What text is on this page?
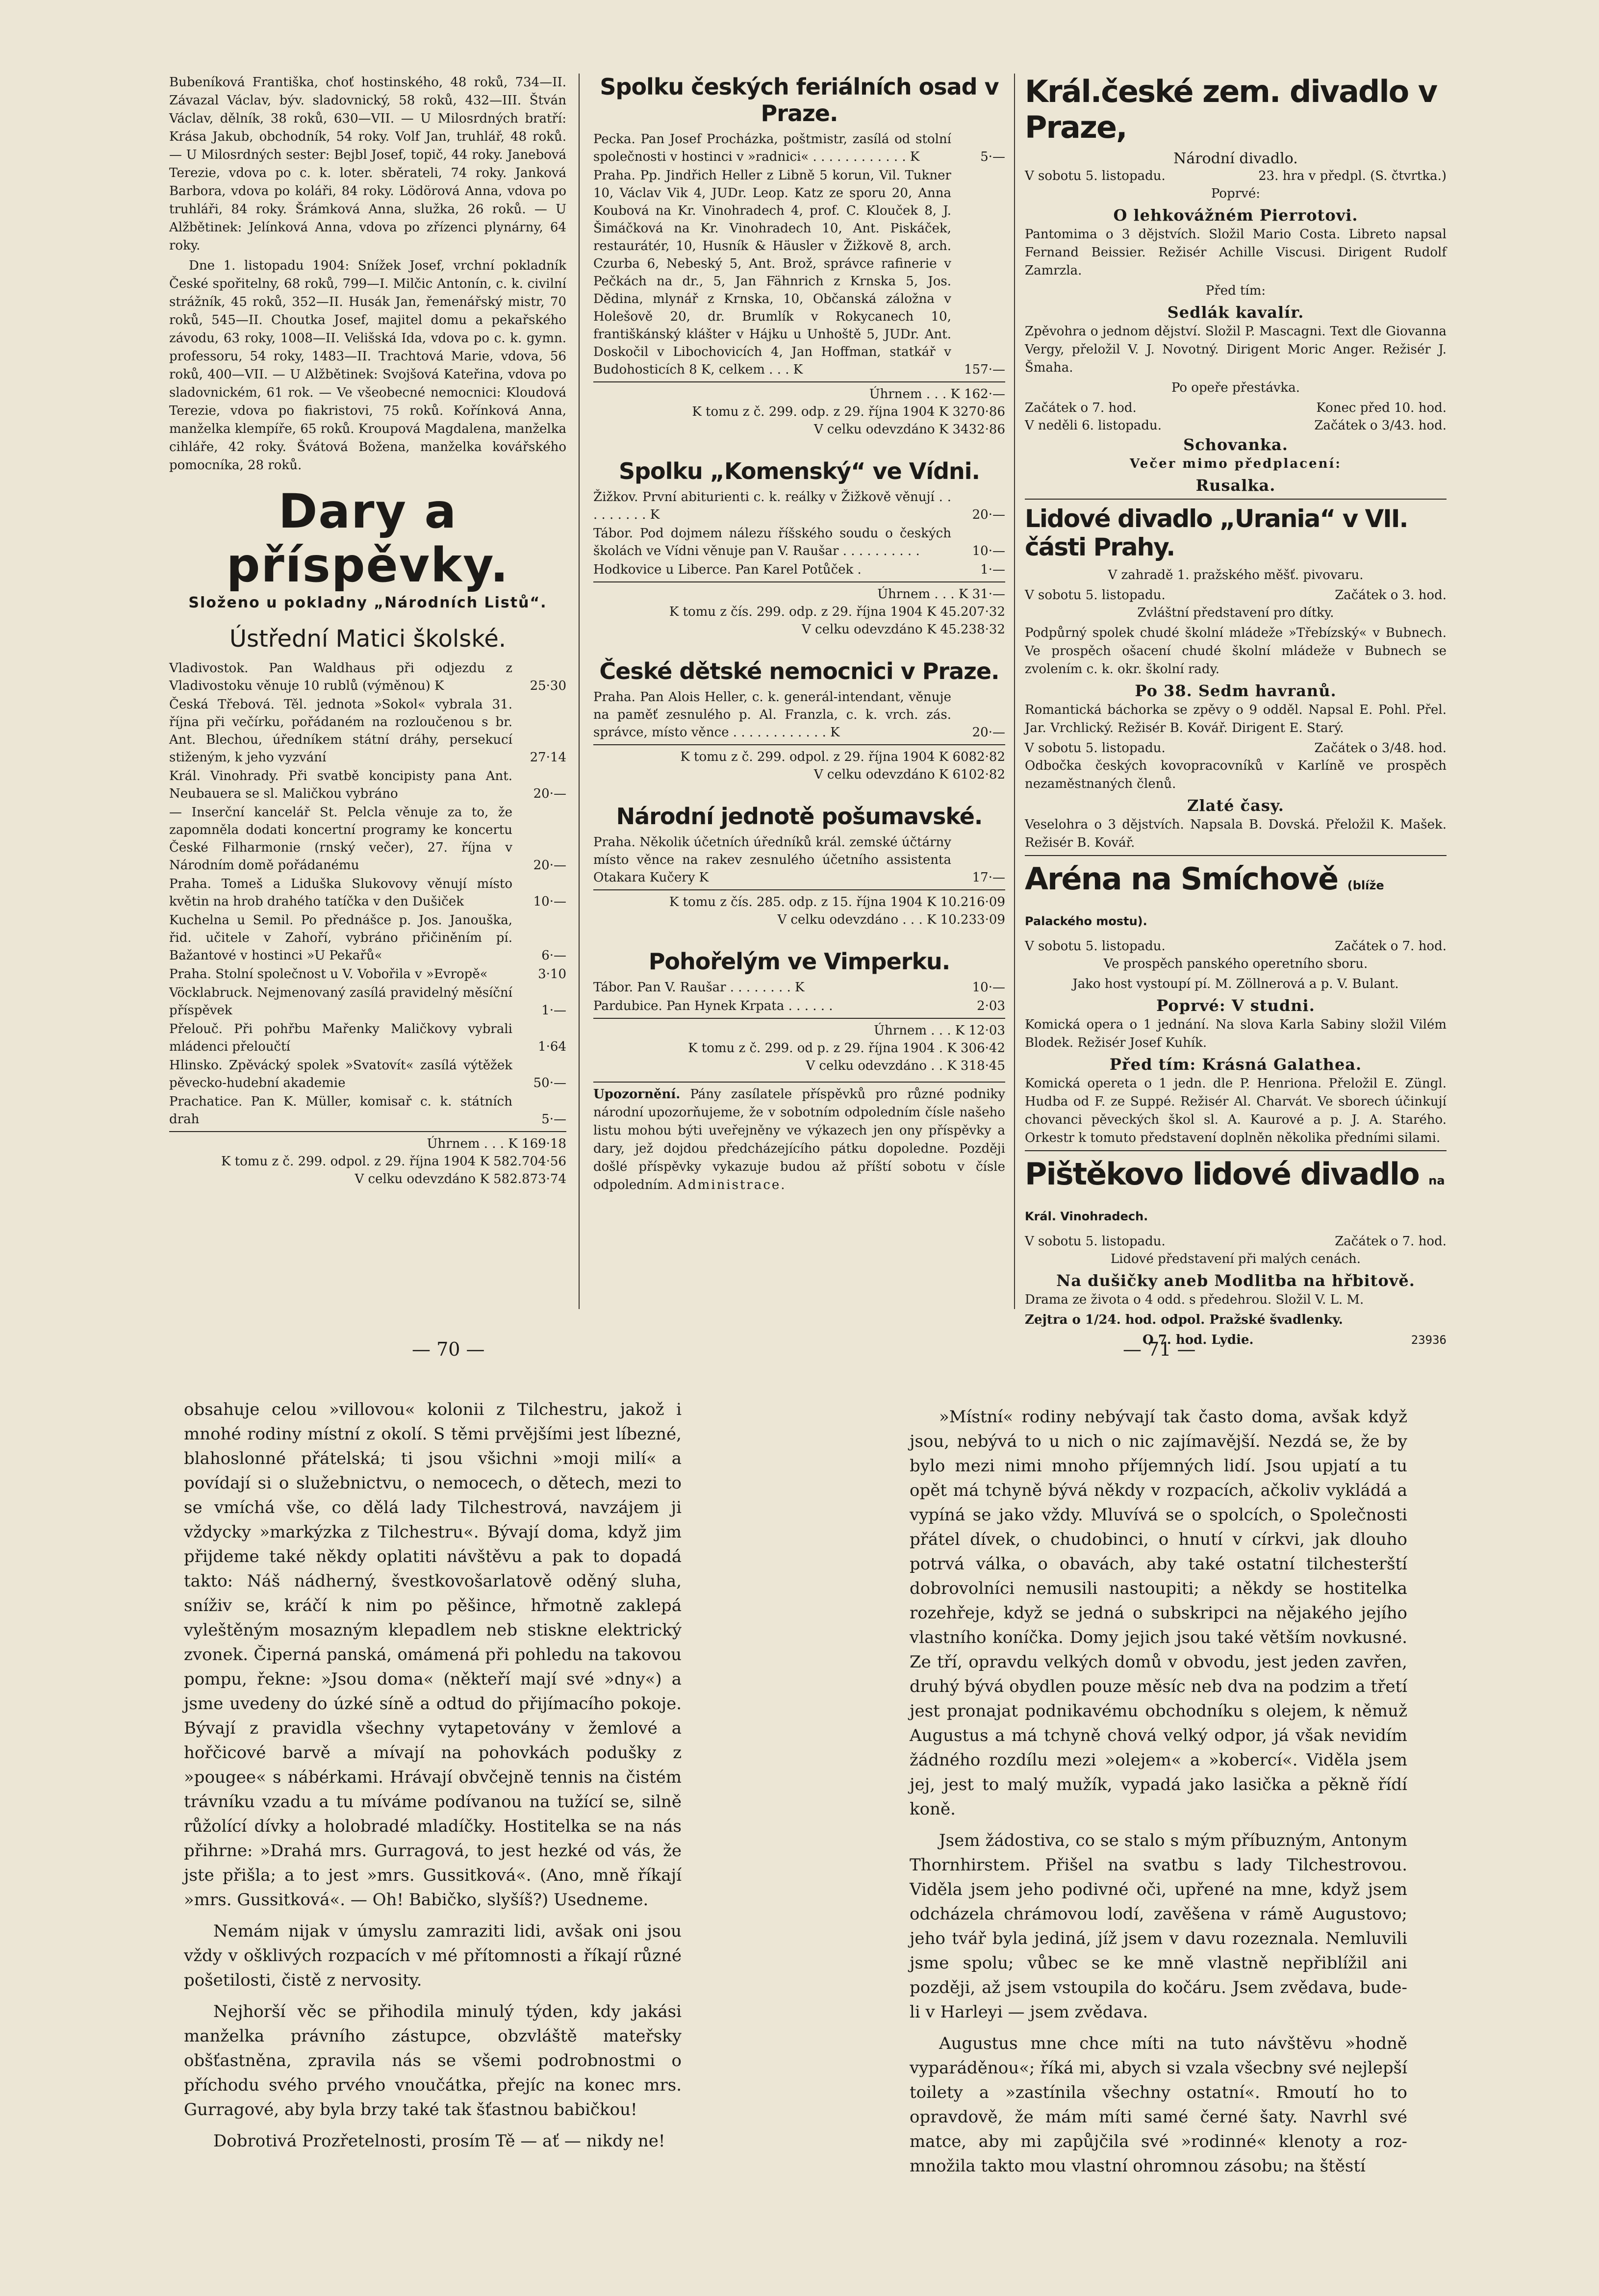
Bubeníková Františka, choť hostinského, 48 roků, 734—II. Závazal Václav, býv. sladovnický, 58 roků, 432—III. Štván Václav, dělník, 38 roků, 630—VII. — U Milosrdných bratří: Krása Jakub, obchodník, 54 roky. Volf Jan, truhlář, 48 roků. — U Milosrdných sester: Bejbl Josef, topič, 44 roky. Janebová Terezie, vdova po c. k. loter. sběrateli, 74 roky. Janková Barbora, vdova po koláři, 84 roky. Lödörová Anna, vdova po truhláři, 84 roky. Šrámková Anna, služka, 26 roků. — U Alžbětinek: Jelínková Anna, vdova po zřízenci plynárny, 64 roky.

Dne 1. listopadu 1904: Snížek Josef, vrchní pokladník České spořitelny, 68 roků, 799—I. Milčic Antonín, c. k. civilní strážník, 45 roků, 352—II. Husák Jan, řemenářský mistr, 70 roků, 545—II. Choutka Josef, majitel domu a pekařského závodu, 63 roky, 1008—II. Velišská Ida, vdova po c. k. gymn. professoru, 54 roky, 1483—II. Trachtová Marie, vdova, 56 roků, 400—VII. — U Alžbětinek: Svojšová Kateřina, vdova po sladovnickém, 61 rok. — Ve všeobecné nemocnici: Kloudová Terezie, vdova po fiakristovi, 75 roků. Kořínková Anna, manželka klempíře, 65 roků. Kroupová Magdalena, manželka cihláře, 42 roky. Švátová Božena, manželka kovářského pomocníka, 28 roků.

Dary a příspěvky.
Složeno u pokladny „Národních Listů“.
Ústřední Matici školské.
Vladivostok. Pan Waldhaus při odjezdu z Vladivostoku věnuje 10 rublů (výměnou) K	25·30
Česká Třebová. Těl. jednota »Sokol« vybrala 31. října při večírku, pořádaném na rozloučenou s br. Ant. Blechou, úředníkem státní dráhy, persekucí stiženým, k jeho vyzvání	27·14
Král. Vinohrady. Při svatbě koncipisty pana Ant. Neubauera se sl. Maličkou vybráno	20·—
— Inserční kancelář St. Pelcla věnuje za to, že zapomněla dodati koncertní programy ke koncertu České Filharmonie (rnský večer), 27. října v Národním domě pořádanému	20·—
Praha. Tomeš a Liduška Slukovovy věnují místo květin na hrob drahého tatíčka v den Dušiček	10·—
Kuchelna u Semil. Po přednášce p. Jos. Janouška, řid. učitele v Zahoří, vybráno přičiněním pí. Bažantové v hostinci »U Pekařů«	6·—
Praha. Stolní společnost u V. Vobořila v »Evropě«	3·10
Vöcklabruck. Nejmenovaný zasílá pravidelný měsíční příspěvek	1·—
Přelouč. Při pohřbu Mařenky Maličkovy vybrali mládenci přeloučtí	1·64
Hlinsko. Zpěvácký spolek »Svatovít« zasílá výtěžek pěvecko-hudební akademie	50·—
Prachatice. Pan K. Müller, komisař c. k. státních drah	5·—
Úhrnem . . . K 169·18
K tomu z č. 299. odpol. z 29. října 1904 K 582.704·56
V celku odevzdáno K 582.873·74
Spolku českých feriálních osad v Praze.
Pecka. Pan Josef Procházka, poštmistr, zasílá od stolní společnosti v hostinci v »radnici« . . . . . . . . . . . . K	5·—
Praha. Pp. Jindřich Heller z Libně 5 korun, Vil. Tukner 10, Václav Vik 4, JUDr. Leop. Katz ze sporu 20, Anna Koubová na Kr. Vinohradech 4, prof. C. Klouček 8, J. Šimáčková na Kr. Vinohradech 10, Ant. Piskáček, restaurátér, 10, Husník & Häusler v Žižkově 8, arch. Czurba 6, Nebeský 5, Ant. Brož, správce rafinerie v Pečkách na dr., 5, Jan Fähnrich z Krnska 5, Jos. Dědina, mlynář z Krnska, 10, Občanská záložna v Holešově 20, dr. Brumlík v Rokycanech 10, františkánský klášter v Hájku u Unhoště 5, JUDr. Ant. Doskočil v Libochovicích 4, Jan Hoffman, statkář v Budohosticích 8 K, celkem . . . K	157·—
Úhrnem . . . K 162·—
K tomu z č. 299. odp. z 29. října 1904 K 3270·86
V celku odevzdáno K 3432·86
Spolku „Komenský“ ve Vídni.
Žižkov. První abiturienti c. k. reálky v Žižkově věnují . . . . . . . . . K	20·—
Tábor. Pod dojmem nálezu říšského soudu o českých školách ve Vídni věnuje pan V. Raušar . . . . . . . . . .	10·—
Hodkovice u Liberce. Pan Karel Potůček .	1·—
Úhrnem . . . K 31·—
K tomu z čís. 299. odp. z 29. října 1904 K 45.207·32
V celku odevzdáno K 45.238·32
České dětské nemocnici v Praze.
Praha. Pan Alois Heller, c. k. generál-intendant, věnuje na paměť zesnulého p. Al. Franzla, c. k. vrch. zás. správce, místo věnce . . . . . . . . . . . . K	20·—
K tomu z č. 299. odpol. z 29. října 1904 K 6082·82
V celku odevzdáno K 6102·82
Národní jednotě pošumavské.
Praha. Několik účetních úředníků král. zemské účtárny místo věnce na rakev zesnulého účetního assistenta Otakara Kučery K	17·—
K tomu z čís. 285. odp. z 15. října 1904 K 10.216·09
V celku odevzdáno . . . K 10.233·09
Pohořelým ve Vimperku.
Tábor. Pan V. Raušar . . . . . . . . K	10·—
Pardubice. Pan Hynek Krpata . . . . . .	2·03
Úhrnem . . . K 12·03
K tomu z č. 299. od p. z 29. října 1904 . K 306·42
V celku odevzdáno . . K 318·45

Upozornění. Pány zasílatele příspěvků pro různé podniky národní upozorňujeme, že v sobotním odpoledním čísle našeho listu mohou býti uveřejněny ve výkazech jen ony příspěvky a dary, jež dojdou předcházejícího pátku dopoledne. Později došlé příspěvky vykazuje budou až příští sobotu v čísle odpoledním. Administrace.

Král.české zem. divadlo v Praze,
Národní divadlo.
V sobotu 5. listopadu.	23. hra v předpl. (S. čtvrtka.)
Poprvé:
O lehkovážném Pierrotovi.

Pantomima o 3 dějstvích. Složil Mario Costa. Libreto napsal Fernand Beissier. Režisér Achille Viscusi. Dirigent Rudolf Zamrzla.

Před tím:
Sedlák kavalír.

Zpěvohra o jednom dějství. Složil P. Mascagni. Text dle Giovanna Vergy, přeložil V. J. Novotný. Dirigent Moric Anger. Režisér J. Šmaha.

Po opeře přestávka.
Začátek o 7. hod.	Konec před 10. hod.
V neděli 6. listopadu.	Začátek o 3/43. hod.
Schovanka.
Večer mimo předplacení:
Rusalka.
Lidové divadlo „Urania“ v VII. části Prahy.
V zahradě 1. pražského měšť. pivovaru.
V sobotu 5. listopadu.	Začátek o 3. hod.
Zvláštní představení pro dítky.

Podpůrný spolek chudé školní mládeže »Třebízský« v Bubnech. Ve prospěch ošacení chudé školní mládeže v Bubnech se zvolením c. k. okr. školní rady.

Po 38. Sedm havranů.

Romantická báchorka se zpěvy o 9 odděl. Napsal E. Pohl. Přel. Jar. Vrchlický. Režisér B. Kovář. Dirigent E. Starý.

V sobotu 5. listopadu.	Začátek o 3/48. hod.

Odbočka českých kovopracovníků v Karlíně ve prospěch nezaměstnaných členů.

Zlaté časy.

Veselohra o 3 dějstvích. Napsala B. Dovská. Přeložil K. Mašek. Režisér B. Kovář.

Aréna na Smíchově (blíže Palackého mostu).
V sobotu 5. listopadu.	Začátek o 7. hod.
Ve prospěch panského operetního sboru.
Jako host vystoupí pí. M. Zöllnerová a p. V. Bulant.
Poprvé: V studni.

Komická opera o 1 jednání. Na slova Karla Sabiny složil Vilém Blodek. Režisér Josef Kuhík.

Před tím: Krásná Galathea.

Komická opereta o 1 jedn. dle P. Henriona. Přeložil E. Züngl. Hudba od F. ze Suppé. Režisér Al. Charvát. Ve sborech účinkují chovanci pěveckých škol sl. A. Kaurové a p. J. A. Starého. Orkestr k tomuto představení doplněn několika předními silami.

Pištěkovo lidové divadlo na Král. Vinohradech.
V sobotu 5. listopadu.	Začátek o 7. hod.
Lidové představení při malých cenách.
Na dušičky aneb Modlitba na hřbitově.

Drama ze života o 4 odd. s předehrou. Složil V. L. M.

Zejtra o 1/24. hod. odpol. Pražské švadlenky.

O 7. hod. Lydie.	23936
— 70 —	— 71 —

obsahuje celou »villovou« kolonii z Tilchestru, jakož i mnohé rodiny místní z okolí. S těmi prvějšími jest líbezné, blahoslonné přátelská; ti jsou všichni »moji milí« a povídají si o služebnictvu, o nemocech, o dětech, mezi to se vmíchá vše, co dělá lady Tilchestrová, navzájem ji vždycky »markýzka z Tilchestru«. Bývají doma, když jim přijdeme také někdy oplatiti návštěvu a pak to dopadá takto: Náš nádherný, švestkovošarlatově oděný sluha, sníživ se, kráčí k nim po pěšince, hřmotně zaklepá vyleštěným mosazným klepadlem neb stiskne elektrický zvonek. Čiperná panská, omámená při pohledu na takovou pompu, řekne: »Jsou doma« (někteří mají své »dny«) a jsme uvedeny do úzké síně a odtud do přijímacího pokoje. Bývají z pravidla všechny vytapetovány v žemlové a hořčicové barvě a mívají na pohovkách podušky z »pougee« s nábérkami. Hrávají obvčejně tennis na čistém trávníku vzadu a tu míváme podívanou na tužící se, silně růžolící dívky a holobradé mladíčky. Hostitelka se na nás přihrne: »Drahá mrs. Gurragová, to jest hezké od vás, že jste přišla; a to jest »mrs. Gussitková«. (Ano, mně říkají »mrs. Gussitková«. — Oh! Babičko, slyšíš?) Usedneme.

Nemám nijak v úmyslu zamraziti lidi, avšak oni jsou vždy v ošklivých rozpacích v mé přítomnosti a říkají různé pošetilosti, čistě z nervosity.

Nejhorší věc se přihodila minulý týden, kdy jakási manželka právního zástupce, obzvláště mateřsky obšťastněna, zpravila nás se všemi podrobnostmi o příchodu svého prvého vnoučátka, přejíc na konec mrs. Gurragové, aby byla brzy také tak šťastnou babičkou!

Dobrotivá Prozřetelnosti, prosím Tě — ať — nikdy ne!

»Místní« rodiny nebývají tak často doma, avšak když jsou, nebývá to u nich o nic zajímavější. Nezdá se, že by bylo mezi nimi mnoho příjemných lidí. Jsou upjatí a tu opět má tchyně bývá někdy v rozpacích, ačkoliv vykládá a vypíná se jako vždy. Mluvívá se o spolcích, o Společnosti přátel dívek, o chudobinci, o hnutí v církvi, jak dlouho potrvá válka, o obavách, aby také ostatní tilchesterští dobrovolníci nemusili nastoupiti; a někdy se hostitelka rozehřeje, když se jedná o subskripci na nějakého jejího vlastního koníčka. Domy jejich jsou také větším novkusné. Ze tří, opravdu velkých domů v obvodu, jest jeden zavřen, druhý bývá obydlen pouze měsíc neb dva na podzim a třetí jest pronajat podnikavému obchodníku s olejem, k němuž Augustus a má tchyně chová velký odpor, já však nevidím žádného rozdílu mezi »olejem« a »kobercí«. Viděla jsem jej, jest to malý mužík, vypadá jako lasička a pěkně řídí koně.

Jsem žádostiva, co se stalo s mým příbuzným, Antonym Thornhirstem. Přišel na svatbu s lady Tilchestrovou. Viděla jsem jeho podivné oči, upřené na mne, když jsem odcházela chrámovou lodí, zavěšena v rámě Augustovo; jeho tvář byla jediná, jíž jsem v davu rozeznala. Nemluvili jsme spolu; vůbec se ke mně vlastně nepřiblížil ani později, až jsem vstoupila do kočáru. Jsem zvědava, bude-li v Harleyi — jsem zvědava.

Augustus mne chce míti na tuto návštěvu »hodně vyparáděnou«; říká mi, abych si vzala všecbny své nejlepší toilety a »zastínila všechny ostatní«. Rmoutí ho to opravdově, že mám míti samé černé šaty. Navrhl své matce, aby mi zapůjčila své »rodinné« klenoty a roz- množila takto mou vlastní ohromnou zásobu; na štěstí
